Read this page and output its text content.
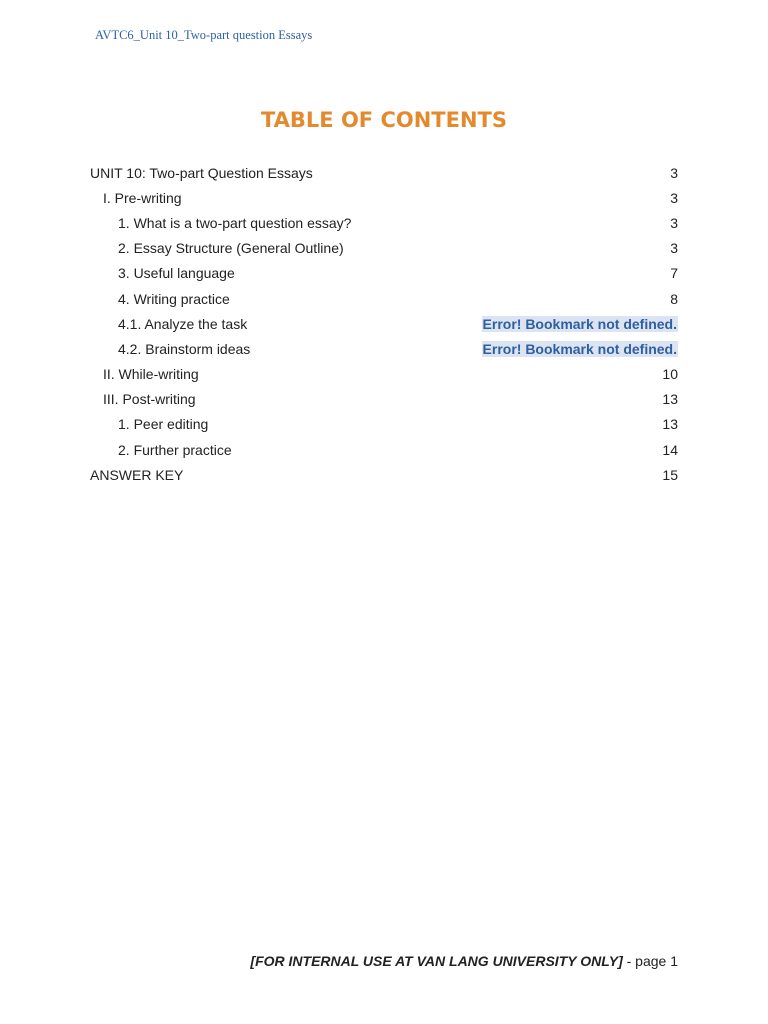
AVTC6_Unit 10_Two-part question Essays
TABLE OF CONTENTS
UNIT 10: Two-part Question Essays	3
I. Pre-writing	3
1. What is a two-part question essay?	3
2. Essay Structure (General Outline)	3
3. Useful language	7
4. Writing practice	8
4.1. Analyze the task	Error! Bookmark not defined.
4.2. Brainstorm ideas	Error! Bookmark not defined.
II. While-writing	10
III. Post-writing	13
1. Peer editing	13
2. Further practice	14
ANSWER KEY	15
[FOR INTERNAL USE AT VAN LANG UNIVERSITY ONLY] - page 1
